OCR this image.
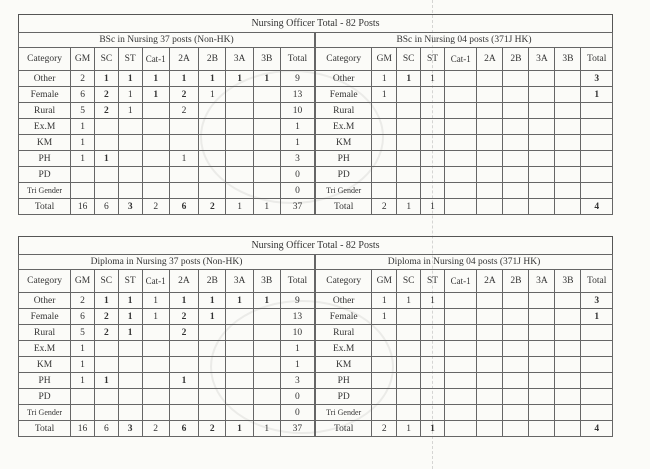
Nursing Officer Total - 82 Posts
BSc in Nursing 37 posts (Non-HK)									
Category	GM	SC	ST	Cat-1	2A	2B	3A	3B	Total
Other	2	1	1	1	1	1	1	1	9
Female	6	2	1	1	2	1			13
Rural	5	2	1		2				10
Ex.M	1								1
KM	1								1
PH	1	1			1				3
PD									0
Tri Gender									0
Total	16	6	3	2	6	2	1	1	37
BSc in Nursing 04 posts (371J HK)									
Category	GM	SC	ST	Cat-1	2A	2B	3A	3B	Total
Other	1	1	1						3
Female	1								1
Rural									
Ex.M									
KM									
PH									
PD									
Tri Gender									
Total	2	1	1						4
Nursing Officer Total - 82 Posts
Diploma in Nursing 37 posts (Non-HK)									
Category	GM	SC	ST	Cat-1	2A	2B	3A	3B	Total
Other	2	1	1	1	1	1	1	1	9
Female	6	2	1	1	2	1			13
Rural	5	2	1		2				10
Ex.M	1								1
KM	1								1
PH	1	1			1				3
PD									0
Tri Gender									0
Total	16	6	3	2	6	2	1	1	37
Diploma in Nursing 04 posts (371J HK)									
Category	GM	SC	ST	Cat-1	2A	2B	3A	3B	Total
Other	1	1	1						3
Female	1								1
Rural									
Ex.M									
KM									
PH									
PD									
Tri Gender									
Total	2	1	1						4
